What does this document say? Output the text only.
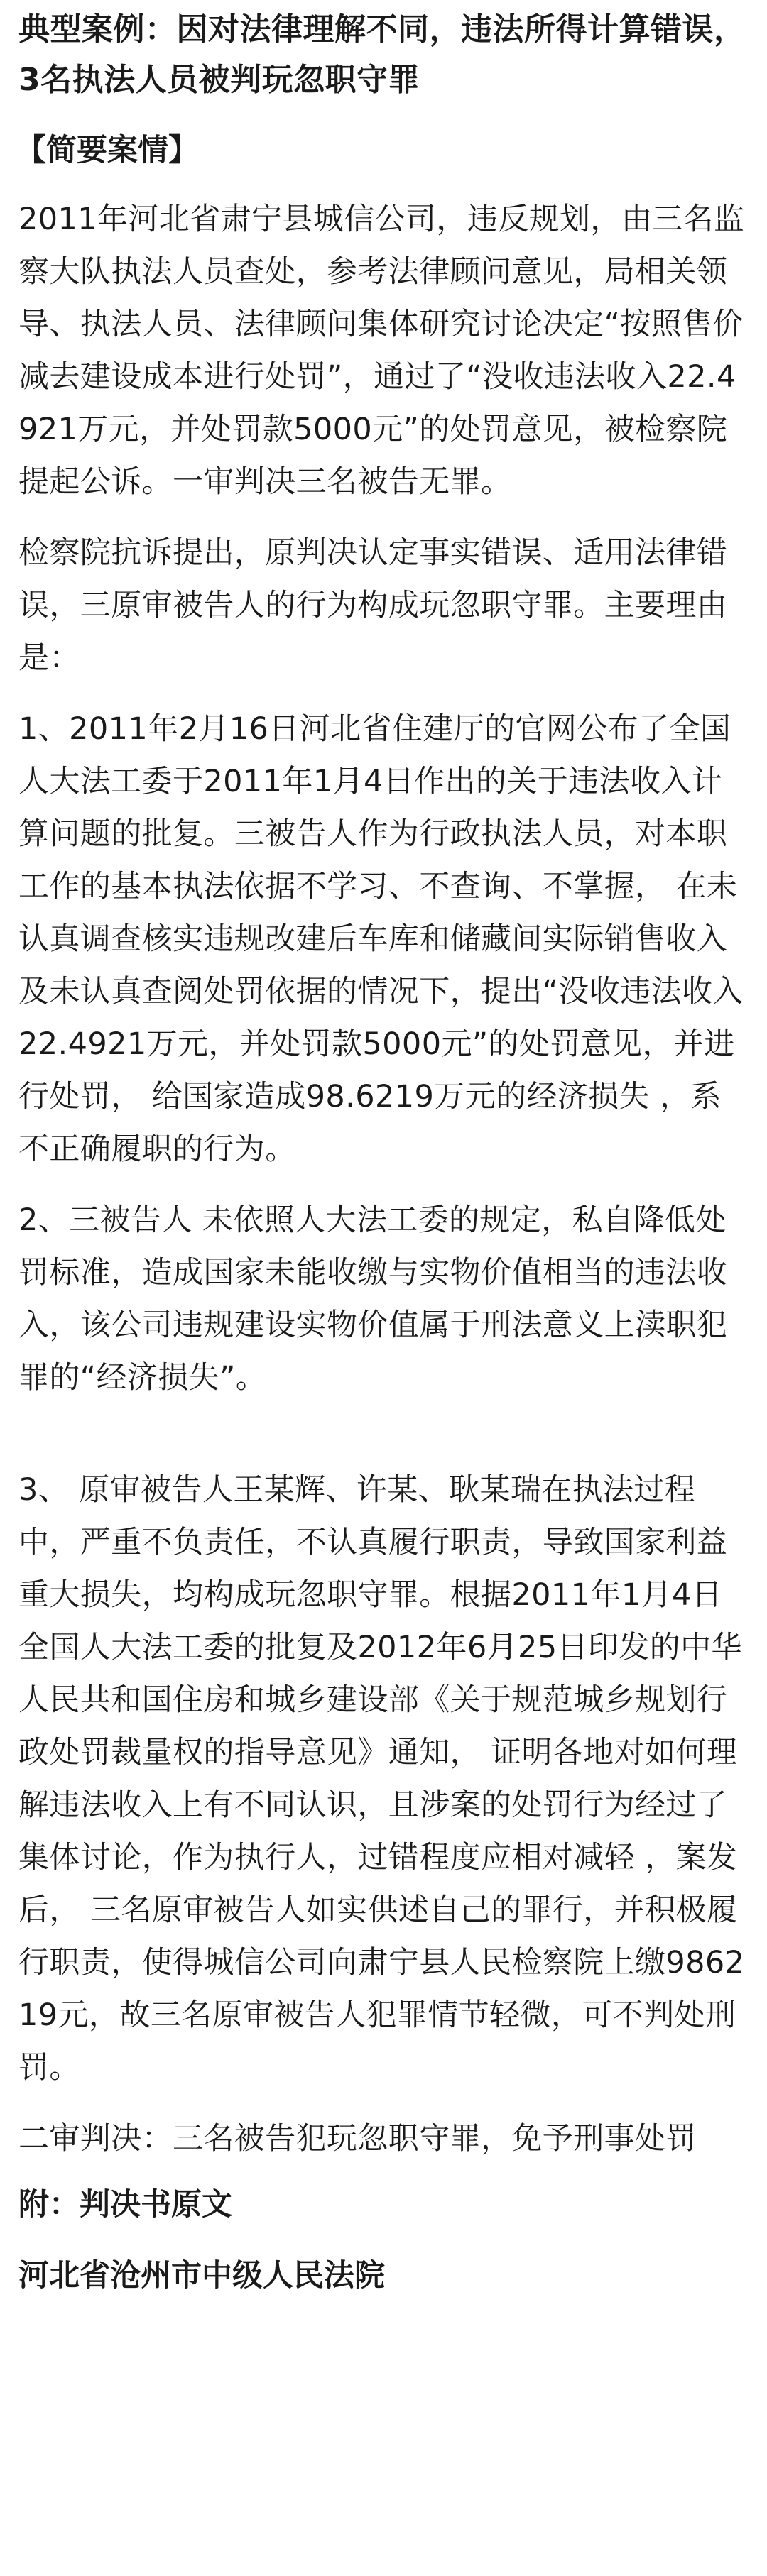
典型案例：因对法律理解不同，违法所得计算错误，3名执法人员被判玩忽职守罪
【简要案情】
2011年河北省肃宁县城信公司，违反规划，由三名监察大队执法人员查处，参考法律顾问意见，局相关领导、执法人员、法律顾问集体研究讨论决定“按照售价减去建设成本进行处罚”，通过了“没收违法收入22.4921万元，并处罚款5000元”的处罚意见，被检察院提起公诉。一审判决三名被告无罪。
检察院抗诉提出，原判决认定事实错误、适用法律错误，三原审被告人的行为构成玩忽职守罪。主要理由是：
1、2011年2月16日河北省住建厅的官网公布了全国人大法工委于2011年1月4日作出的关于违法收入计算问题的批复。三被告人作为行政执法人员，对本职工作的基本执法依据不学习、不查询、不掌握， 在未认真调查核实违规改建后车库和储藏间实际销售收入及未认真查阅处罚依据的情况下，提出“没收违法收入22.4921万元，并处罚款5000元”的处罚意见，并进行处罚， 给国家造成98.6219万元的经济损失 ，系不正确履职的行为。
2、三被告人 未依照人大法工委的规定，私自降低处罚标准，造成国家未能收缴与实物价值相当的违法收入，该公司违规建设实物价值属于刑法意义上渎职犯罪的“经济损失”。
3、 原审被告人王某辉、许某、耿某瑞在执法过程中，严重不负责任，不认真履行职责，导致国家利益重大损失，均构成玩忽职守罪。根据2011年1月4日全国人大法工委的批复及2012年6月25日印发的中华人民共和国住房和城乡建设部《关于规范城乡规划行政处罚裁量权的指导意见》通知， 证明各地对如何理解违法收入上有不同认识，且涉案的处罚行为经过了集体讨论，作为执行人，过错程度应相对减轻 ，案发后， 三名原审被告人如实供述自己的罪行，并积极履行职责，使得城信公司向肃宁县人民检察院上缴986219元，故三名原审被告人犯罪情节轻微，可不判处刑罚。
二审判决：三名被告犯玩忽职守罪，免予刑事处罚
附：判决书原文
河北省沧州市中级人民法院
